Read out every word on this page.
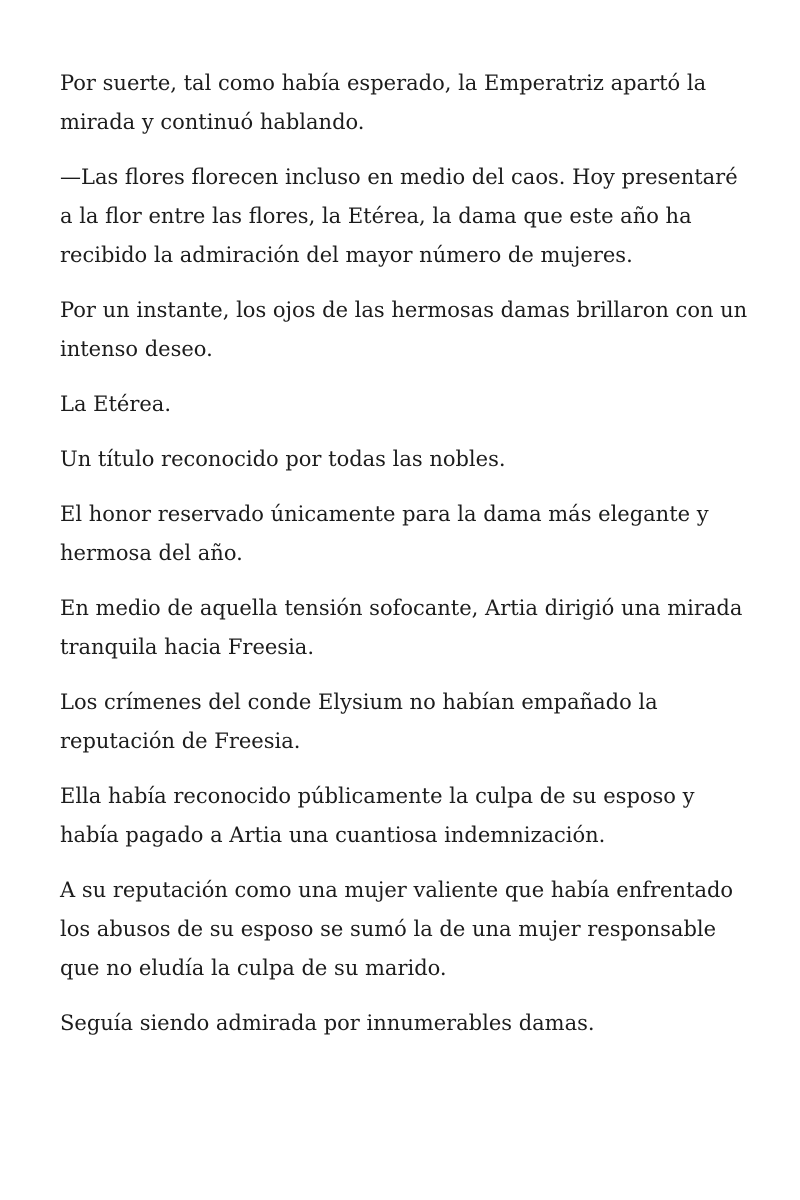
Por suerte, tal como había esperado, la Emperatriz apartó la mirada y continuó hablando.

—Las flores florecen incluso en medio del caos. Hoy presentaré a la flor entre las flores, la Etérea, la dama que este año ha recibido la admiración del mayor número de mujeres.

Por un instante, los ojos de las hermosas damas brillaron con un intenso deseo.

La Etérea.

Un título reconocido por todas las nobles.

El honor reservado únicamente para la dama más elegante y hermosa del año.

En medio de aquella tensión sofocante, Artia dirigió una mirada tranquila hacia Freesia.

Los crímenes del conde Elysium no habían empañado la reputación de Freesia.

Ella había reconocido públicamente la culpa de su esposo y había pagado a Artia una cuantiosa indemnización.

A su reputación como una mujer valiente que había enfrentado los abusos de su esposo se sumó la de una mujer responsable que no eludía la culpa de su marido.

Seguía siendo admirada por innumerables damas.
